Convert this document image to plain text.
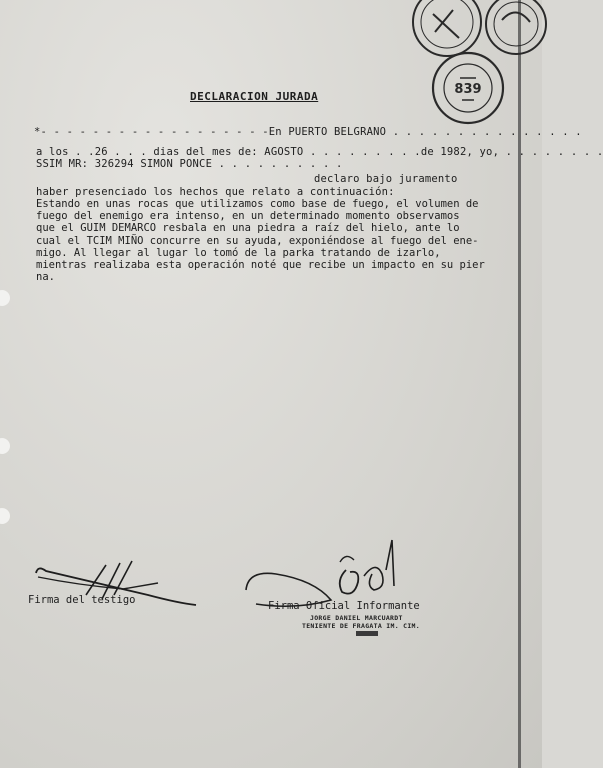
839
DECLARACION JURADA
*- - - - - - - - - - - - - - - - - -En PUERTO BELGRANO . . . . . . . . . . . . . . .
a los . .26 . . . dias del mes de: AGOSTO . . . . . . . . .de 1982, yo, . . . . . . . .
SSIM MR: 326294 SIMON PONCE . . . . . . . . . .
declaro bajo juramento
haber presenciado los hechos que relato a continuación:
Estando en unas rocas que utilizamos como base de fuego, el volumen de
fuego del enemigo era intenso, en un determinado momento observamos
que el GUIM DEMARCO resbala en una piedra a raíz del hielo, ante lo
cual el TCIM MIÑO concurre en su ayuda, exponiéndose al fuego del ene-
migo. Al llegar al lugar lo tomó de la parka tratando de izarlo,
mientras realizaba esta operación noté que recibe un impacto en su pier
na.
Firma del testigo	Firma Oficial Informante
JORGE DANIEL MARCUARDT
TENIENTE DE FRAGATA IM. CIM.
